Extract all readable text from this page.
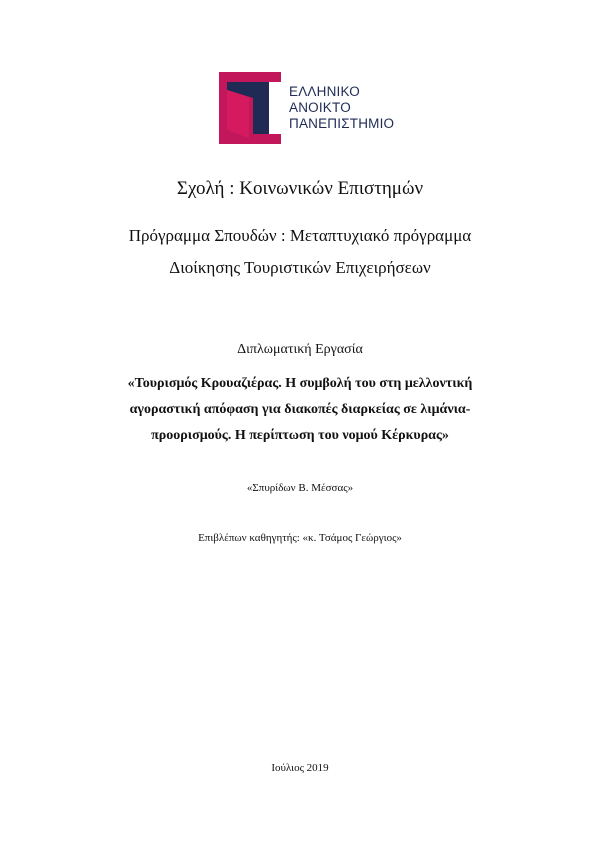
ΕΛΛΗΝΙΚΟ
ΑΝΟΙΚΤΟ
ΠΑΝΕΠΙΣΤΗΜΙΟ
Σχολή : Κοινωνικών Επιστημών
Πρόγραμμα Σπουδών : Μεταπτυχιακό πρόγραμμα
Διοίκησης Τουριστικών Επιχειρήσεων
Διπλωματική Εργασία
«Τουρισμός Κρουαζιέρας. Η συμβολή του στη μελλοντική
αγοραστική απόφαση για διακοπές διαρκείας σε λιμάνια-
προορισμούς. Η περίπτωση του νομού Κέρκυρας»
«Σπυρίδων Β. Μέσσας»
Επιβλέπων καθηγητής: «κ. Τσάμος Γεώργιος»
Ιούλιος 2019
